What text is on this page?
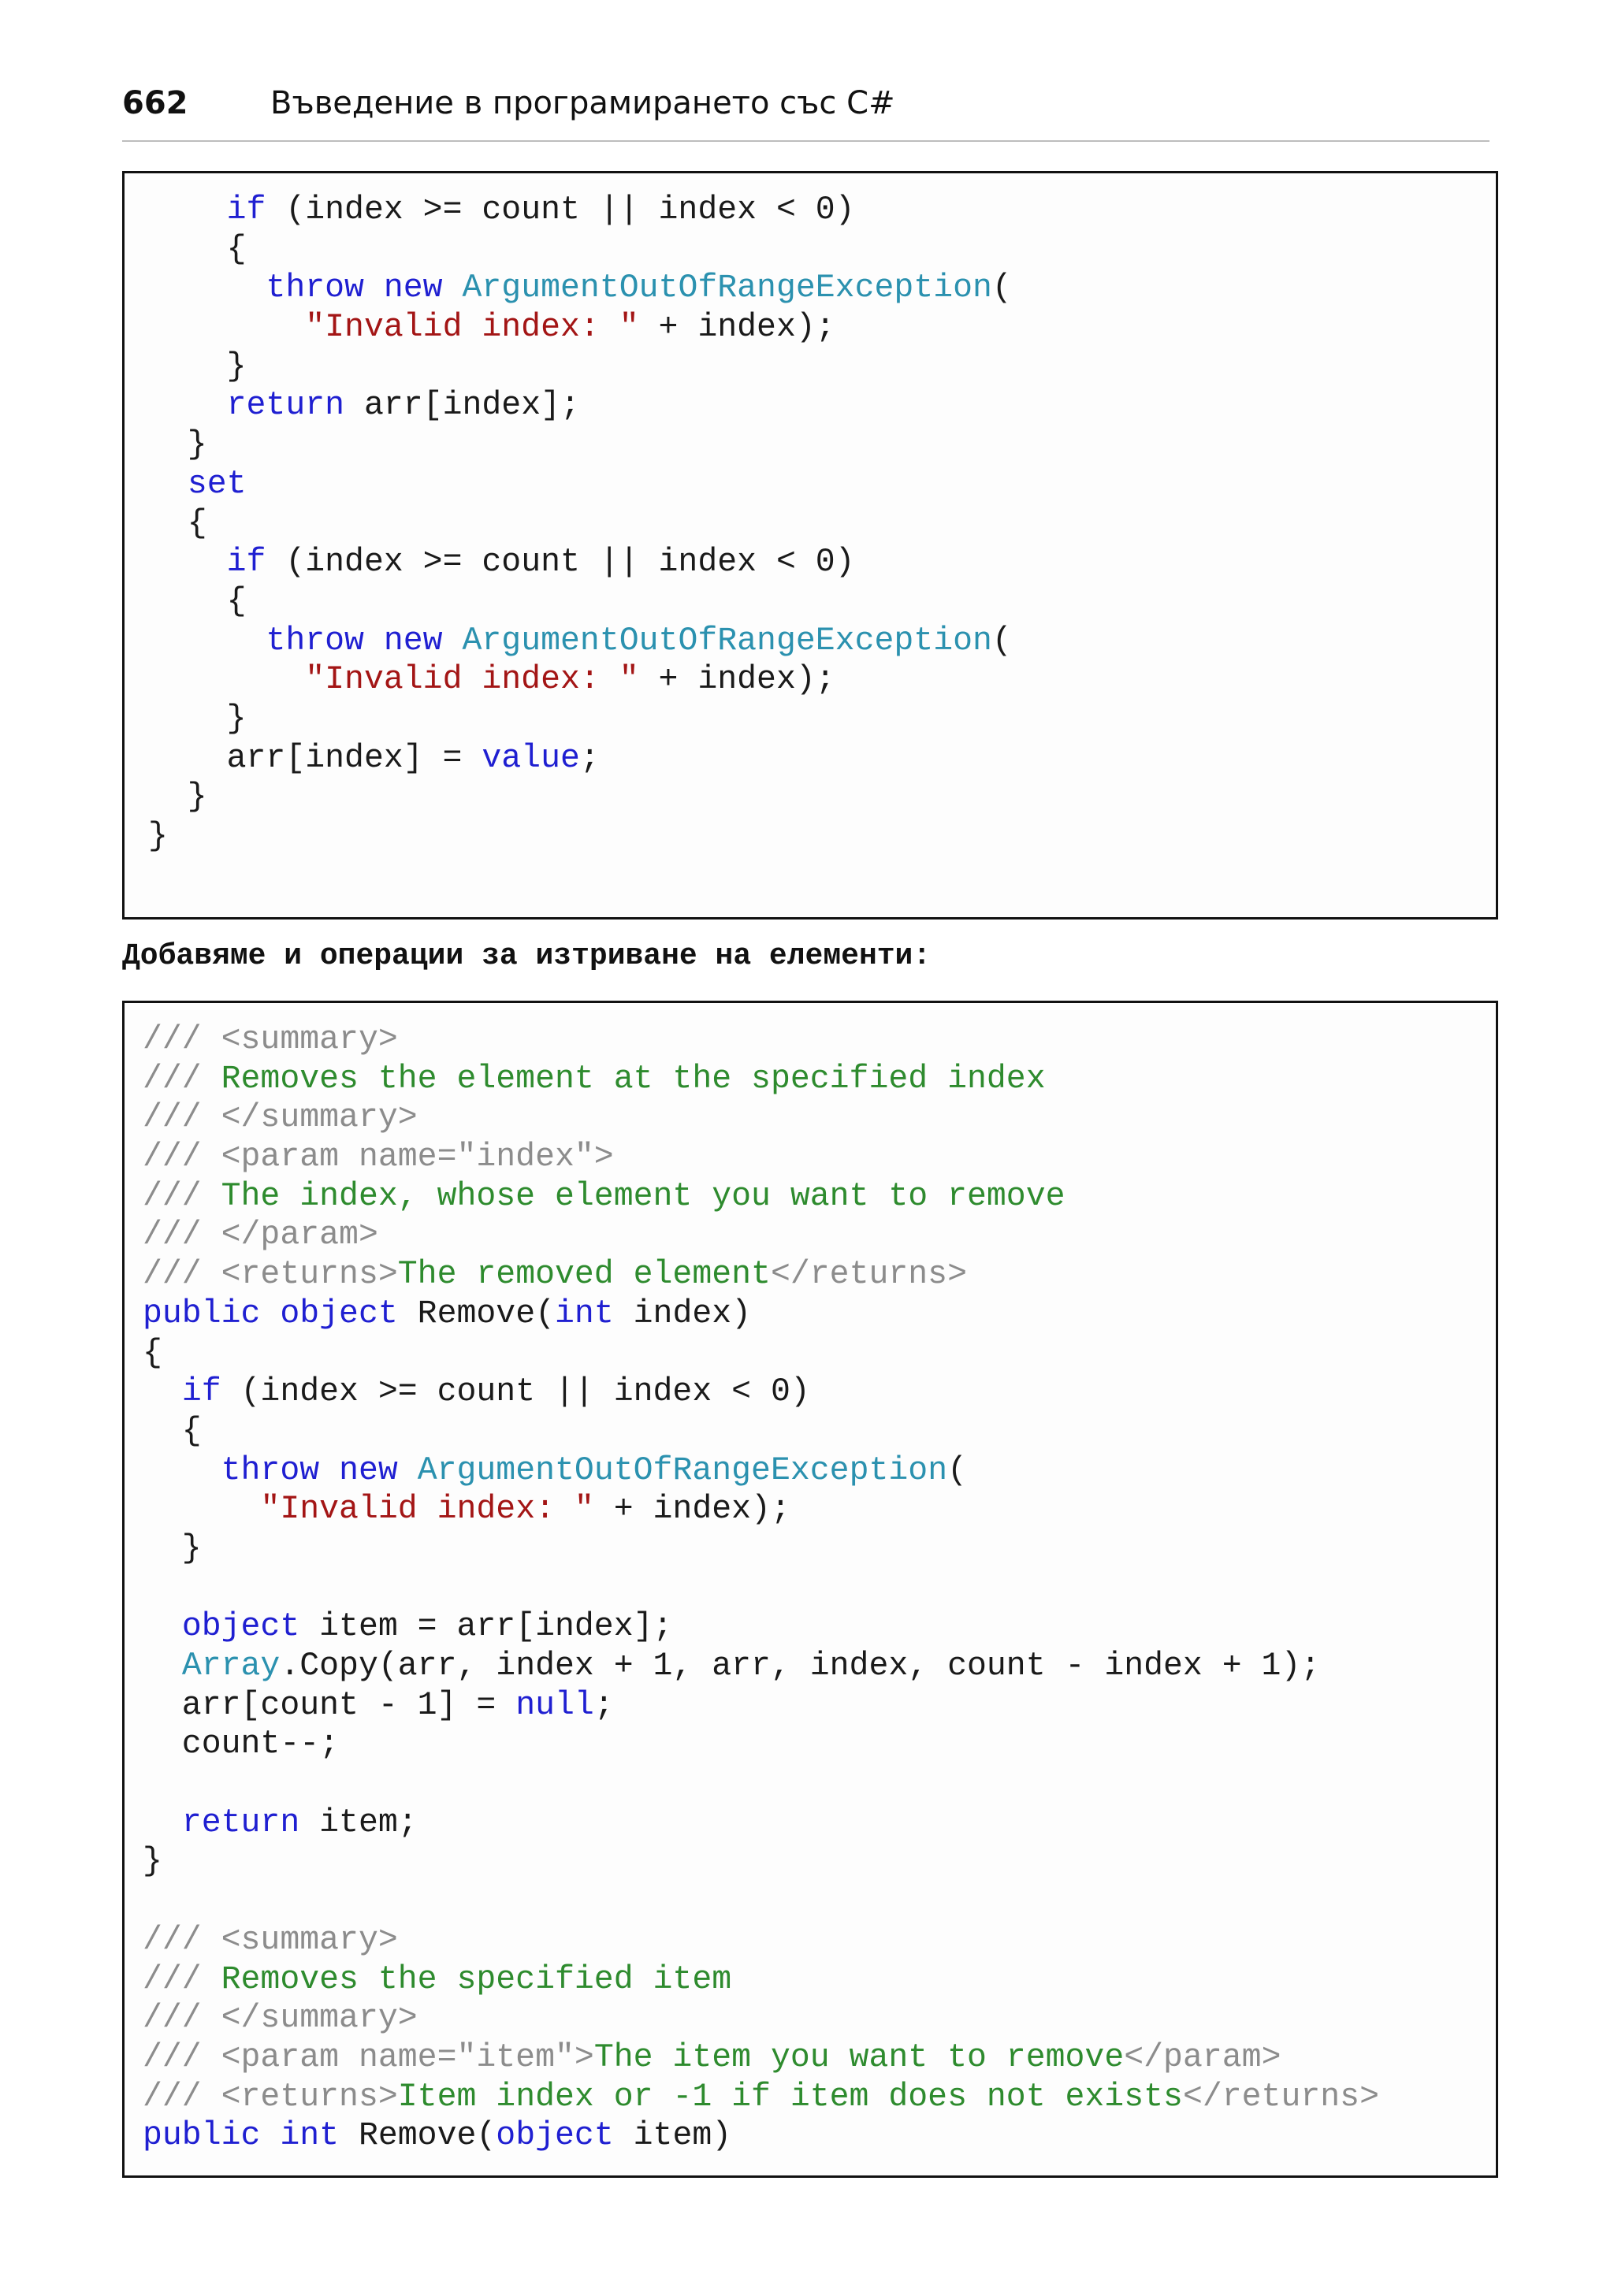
662	Въведение в програмирането със C#
if (index >= count || index < 0)
{
throw new ArgumentOutOfRangeException(
"Invalid index: " + index);
}
return arr[index];
}
set
{
if (index >= count || index < 0)
{
throw new ArgumentOutOfRangeException(
"Invalid index: " + index);
}
arr[index] = value;
}
}
Добавяме и операции за изтриване на елементи:
/// <summary>
/// Removes the element at the specified index
/// </summary>
/// <param name="index">
/// The index, whose element you want to remove
/// </param>
/// <returns>The removed element</returns>
public object Remove(int index)
{
if (index >= count || index < 0)
{
throw new ArgumentOutOfRangeException(
"Invalid index: " + index);
}
object item = arr[index];
Array.Copy(arr, index + 1, arr, index, count - index + 1);
arr[count - 1] = null;
count--;
return item;
}
/// <summary>
/// Removes the specified item
/// </summary>
/// <param name="item">The item you want to remove</param>
/// <returns>Item index or -1 if item does not exists</returns>
public int Remove(object item)
